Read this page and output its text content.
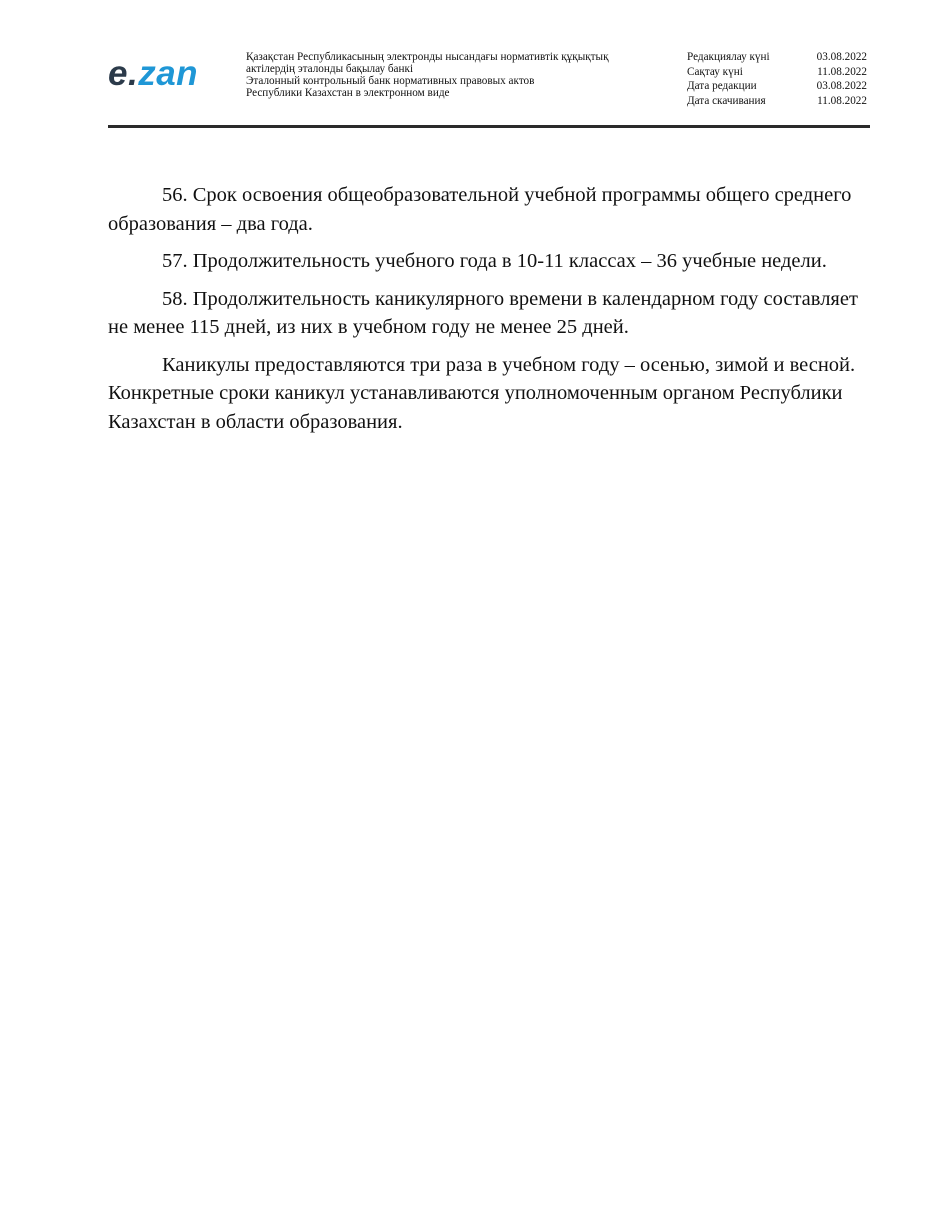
e.zan	Қазақстан Республикасының электронды нысандағы нормативтік құқықтық
актілердің эталонды бақылау банкі
Эталонный контрольный банк нормативных правовых актов
Республики Казахстан в электронном виде
Редакциялау күні	03.08.2022
Сақтау күні	11.08.2022
Дата редакции	03.08.2022
Дата скачивания	11.08.2022

56. Срок освоения общеобразовательной учебной программы общего среднего образования – два года.

57. Продолжительность учебного года в 10-11 классах – 36 учебные недели.

58. Продолжительность каникулярного времени в календарном году составляет не менее 115 дней, из них в учебном году не менее 25 дней.

Каникулы предоставляются три раза в учебном году – осенью, зимой и весной. Конкретные сроки каникул устанавливаются уполномоченным органом Республики Казахстан в области образования.
